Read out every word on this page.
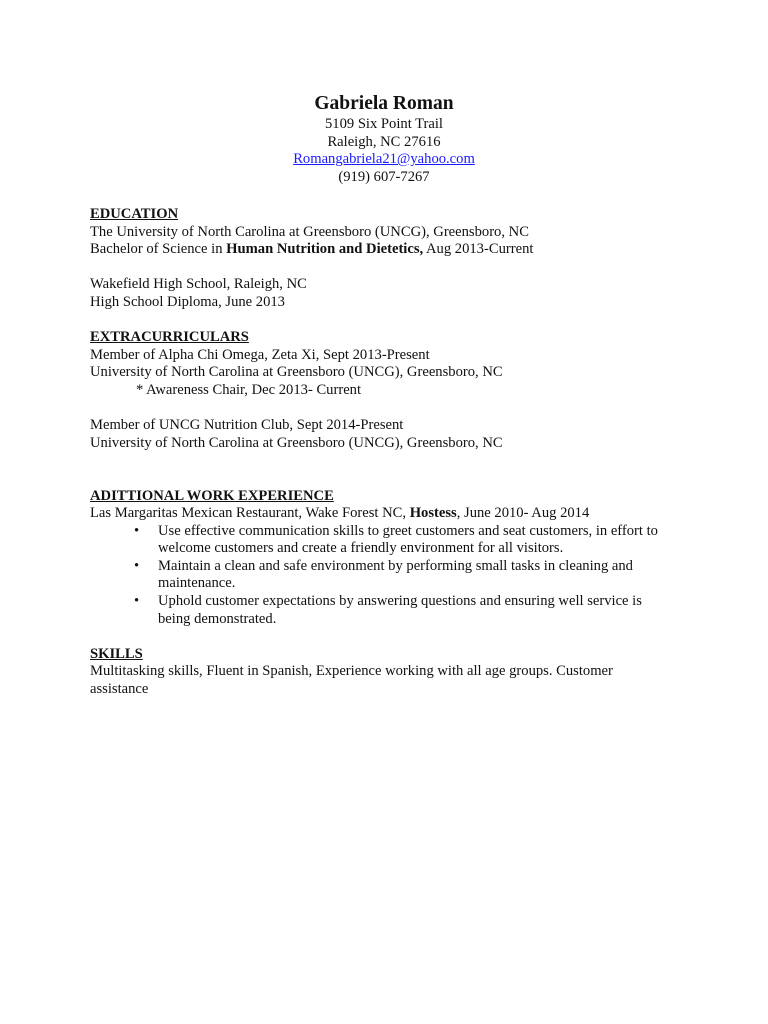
Gabriela Roman
5109 Six Point Trail
Raleigh, NC 27616
Romangabriela21@yahoo.com
(919) 607-7267
EDUCATION
The University of North Carolina at Greensboro (UNCG), Greensboro, NC
Bachelor of Science in Human Nutrition and Dietetics, Aug 2013-Current
Wakefield High School, Raleigh, NC
High School Diploma, June 2013
EXTRACURRICULARS
Member of Alpha Chi Omega, Zeta Xi, Sept 2013-Present
University of North Carolina at Greensboro (UNCG), Greensboro, NC
* Awareness Chair, Dec 2013- Current
Member of UNCG Nutrition Club, Sept 2014-Present
University of North Carolina at Greensboro (UNCG), Greensboro, NC
ADITTIONAL WORK EXPERIENCE
Las Margaritas Mexican Restaurant, Wake Forest NC, Hostess, June 2010- Aug 2014
• Use effective communication skills to greet customers and seat customers, in effort to
welcome customers and create a friendly environment for all visitors.
• Maintain a clean and safe environment by performing small tasks in cleaning and
maintenance.
• Uphold customer expectations by answering questions and ensuring well service is
being demonstrated.
SKILLS
Multitasking skills, Fluent in Spanish, Experience working with all age groups. Customer
assistance
